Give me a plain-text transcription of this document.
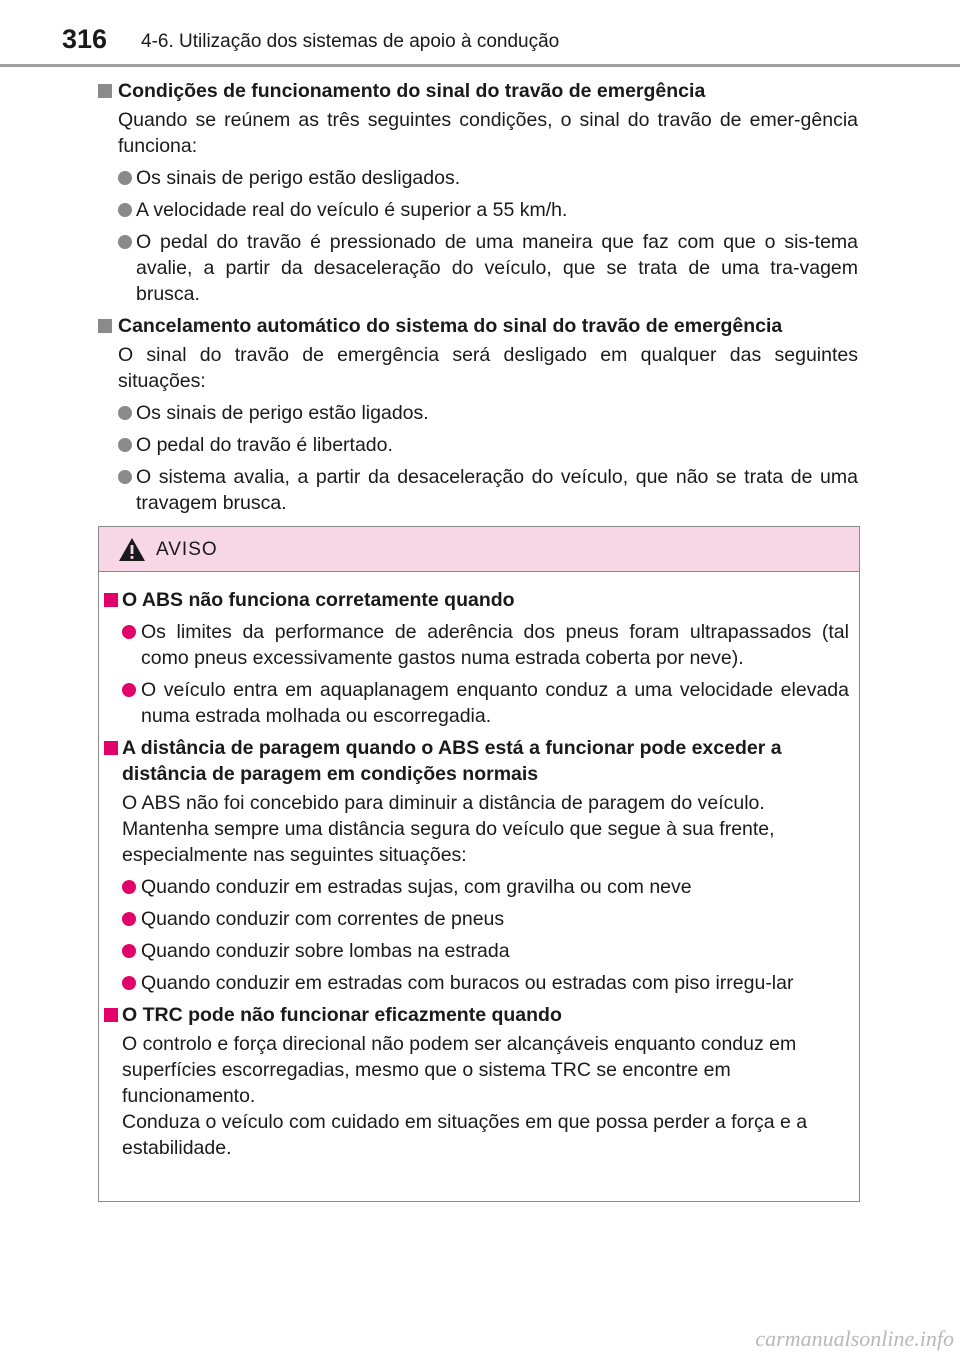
316 4-6. Utilização dos sistemas de apoio à condução
Condições de funcionamento do sinal do travão de emergência
Quando se reúnem as três seguintes condições, o sinal do travão de emer-gência funciona:
Os sinais de perigo estão desligados.
A velocidade real do veículo é superior a 55 km/h.
O pedal do travão é pressionado de uma maneira que faz com que o sis-tema avalie, a partir da desaceleração do veículo, que se trata de uma tra-vagem brusca.
Cancelamento automático do sistema do sinal do travão de emergência
O sinal do travão de emergência será desligado em qualquer das seguintes situações:
Os sinais de perigo estão ligados.
O pedal do travão é libertado.
O sistema avalia, a partir da desaceleração do veículo, que não se trata de uma travagem brusca.
AVISO
O ABS não funciona corretamente quando
Os limites da performance de aderência dos pneus foram ultrapassados (tal como pneus excessivamente gastos numa estrada coberta por neve).
O veículo entra em aquaplanagem enquanto conduz a uma velocidade elevada numa estrada molhada ou escorregadia.
A distância de paragem quando o ABS está a funcionar pode exceder a distância de paragem em condições normais
O ABS não foi concebido para diminuir a distância de paragem do veículo. Mantenha sempre uma distância segura do veículo que segue à sua frente, especialmente nas seguintes situações:
Quando conduzir em estradas sujas, com gravilha ou com neve
Quando conduzir com correntes de pneus
Quando conduzir sobre lombas na estrada
Quando conduzir em estradas com buracos ou estradas com piso irregu-lar
O TRC pode não funcionar eficazmente quando
O controlo e força direcional não podem ser alcançáveis enquanto conduz em superfícies escorregadias, mesmo que o sistema TRC se encontre em funcionamento.
Conduza o veículo com cuidado em situações em que possa perder a força e a estabilidade.
carmanualsonline.info
